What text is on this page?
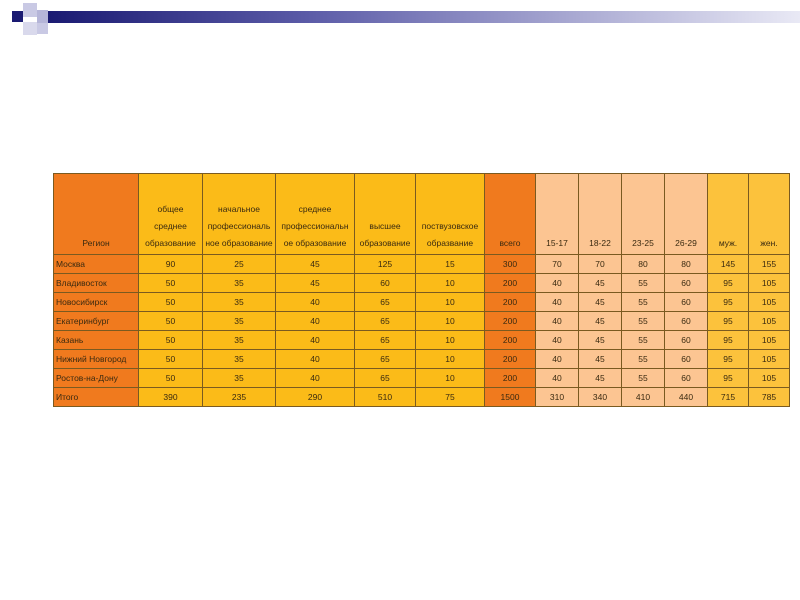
Регион	общее среднее образование	начальное профессиональ ное образование	среднее профессиональн ое образование	высшее образование	поствузовское образвание	всего	15-17	18-22	23-25	26-29	муж.	жен.
Москва	90	25	45	125	15	300	70	70	80	80	145	155
Владивосток	50	35	45	60	10	200	40	45	55	60	95	105
Новосибирск	50	35	40	65	10	200	40	45	55	60	95	105
Екатеринбург	50	35	40	65	10	200	40	45	55	60	95	105
Казань	50	35	40	65	10	200	40	45	55	60	95	105
Нижний Новгород	50	35	40	65	10	200	40	45	55	60	95	105
Ростов-на-Дону	50	35	40	65	10	200	40	45	55	60	95	105
Итого	390	235	290	510	75	1500	310	340	410	440	715	785
